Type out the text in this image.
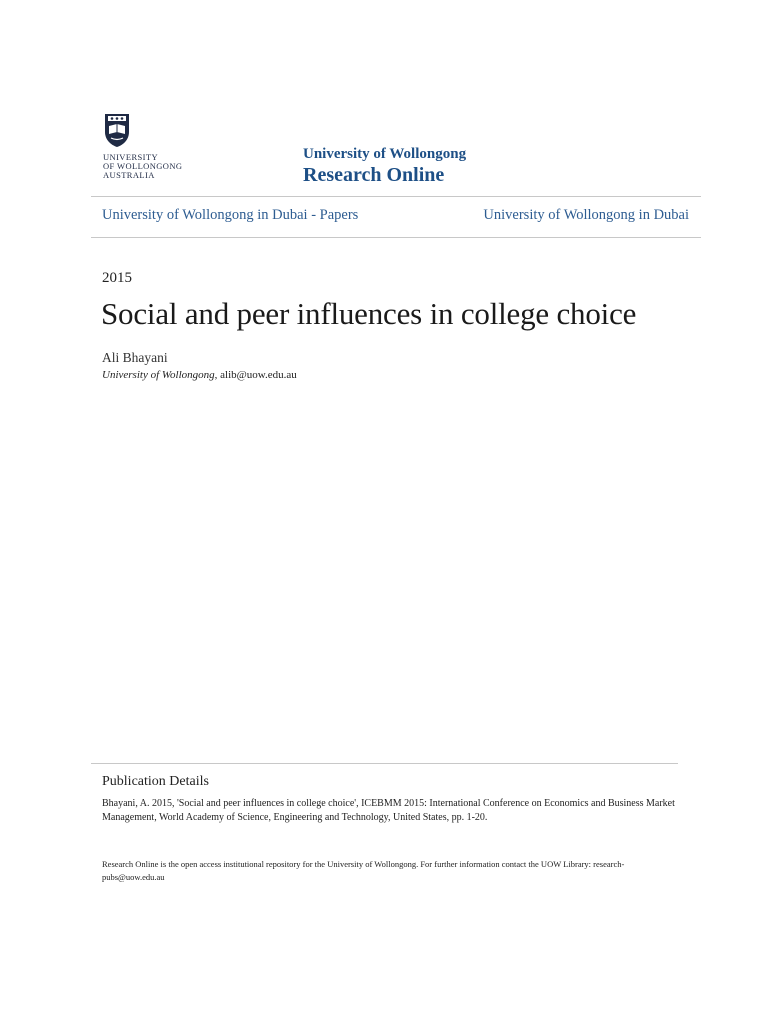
UNIVERSITY
OF WOLLONGONG
AUSTRALIA
University of Wollongong
Research Online
University of Wollongong in Dubai - Papers	University of Wollongong in Dubai
2015
Social and peer influences in college choice
Ali Bhayani
University of Wollongong, alib@uow.edu.au
Publication Details
Bhayani, A. 2015, 'Social and peer influences in college choice', ICEBMM 2015: International Conference on Economics and Business Market Management, World Academy of Science, Engineering and Technology, United States, pp. 1-20.
Research Online is the open access institutional repository for the University of Wollongong. For further information contact the UOW Library: research-pubs@uow.edu.au
